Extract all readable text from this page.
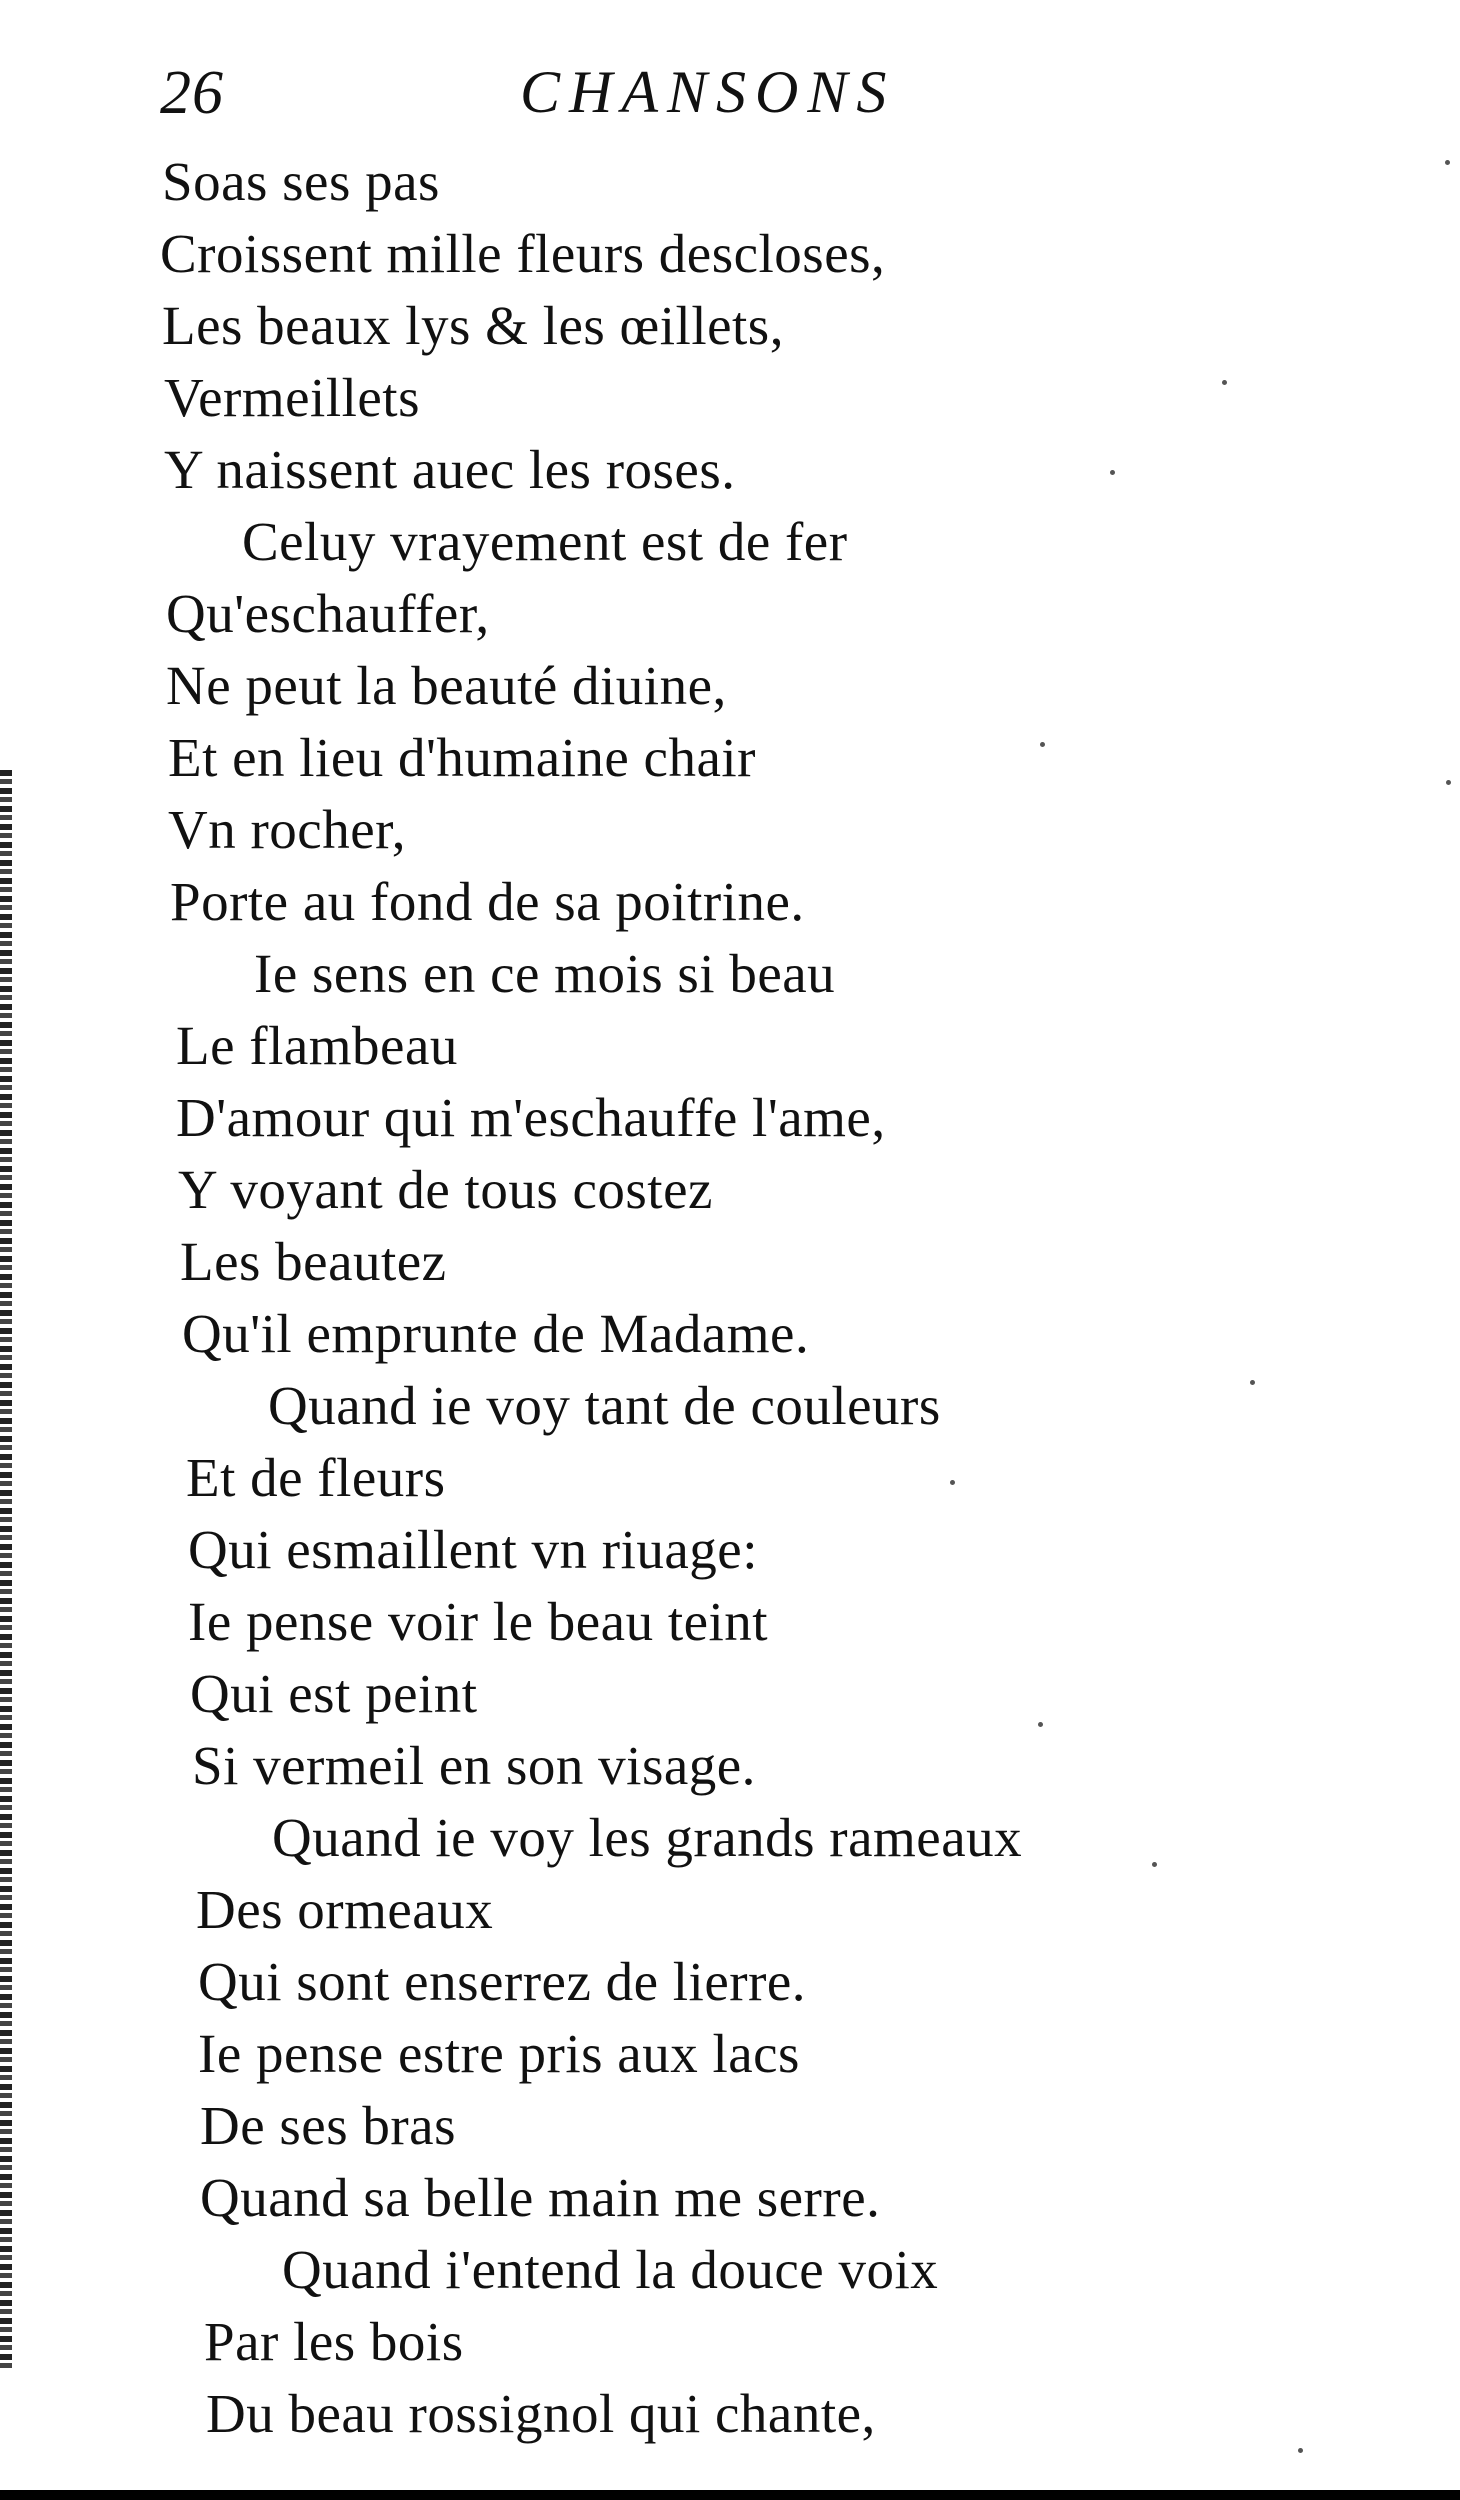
26	CHANSONS
Soas ses pas
Croissent mille fleurs descloses,
Les beaux lys & les œillets,
Vermeillets
Y naissent auec les roses.
Celuy vrayement est de fer
Qu'eschauffer,
Ne peut la beauté diuine,
Et en lieu d'humaine chair
Vn rocher,
Porte au fond de sa poitrine.
Ie sens en ce mois si beau
Le flambeau
D'amour qui m'eschauffe l'ame,
Y voyant de tous costez
Les beautez
Qu'il emprunte de Madame.
Quand ie voy tant de couleurs
Et de fleurs
Qui esmaillent vn riuage:
Ie pense voir le beau teint
Qui est peint
Si vermeil en son visage.
Quand ie voy les grands rameaux
Des ormeaux
Qui sont enserrez de lierre.
Ie pense estre pris aux lacs
De ses bras
Quand sa belle main me serre.
Quand i'entend la douce voix
Par les bois
Du beau rossignol qui chante,
